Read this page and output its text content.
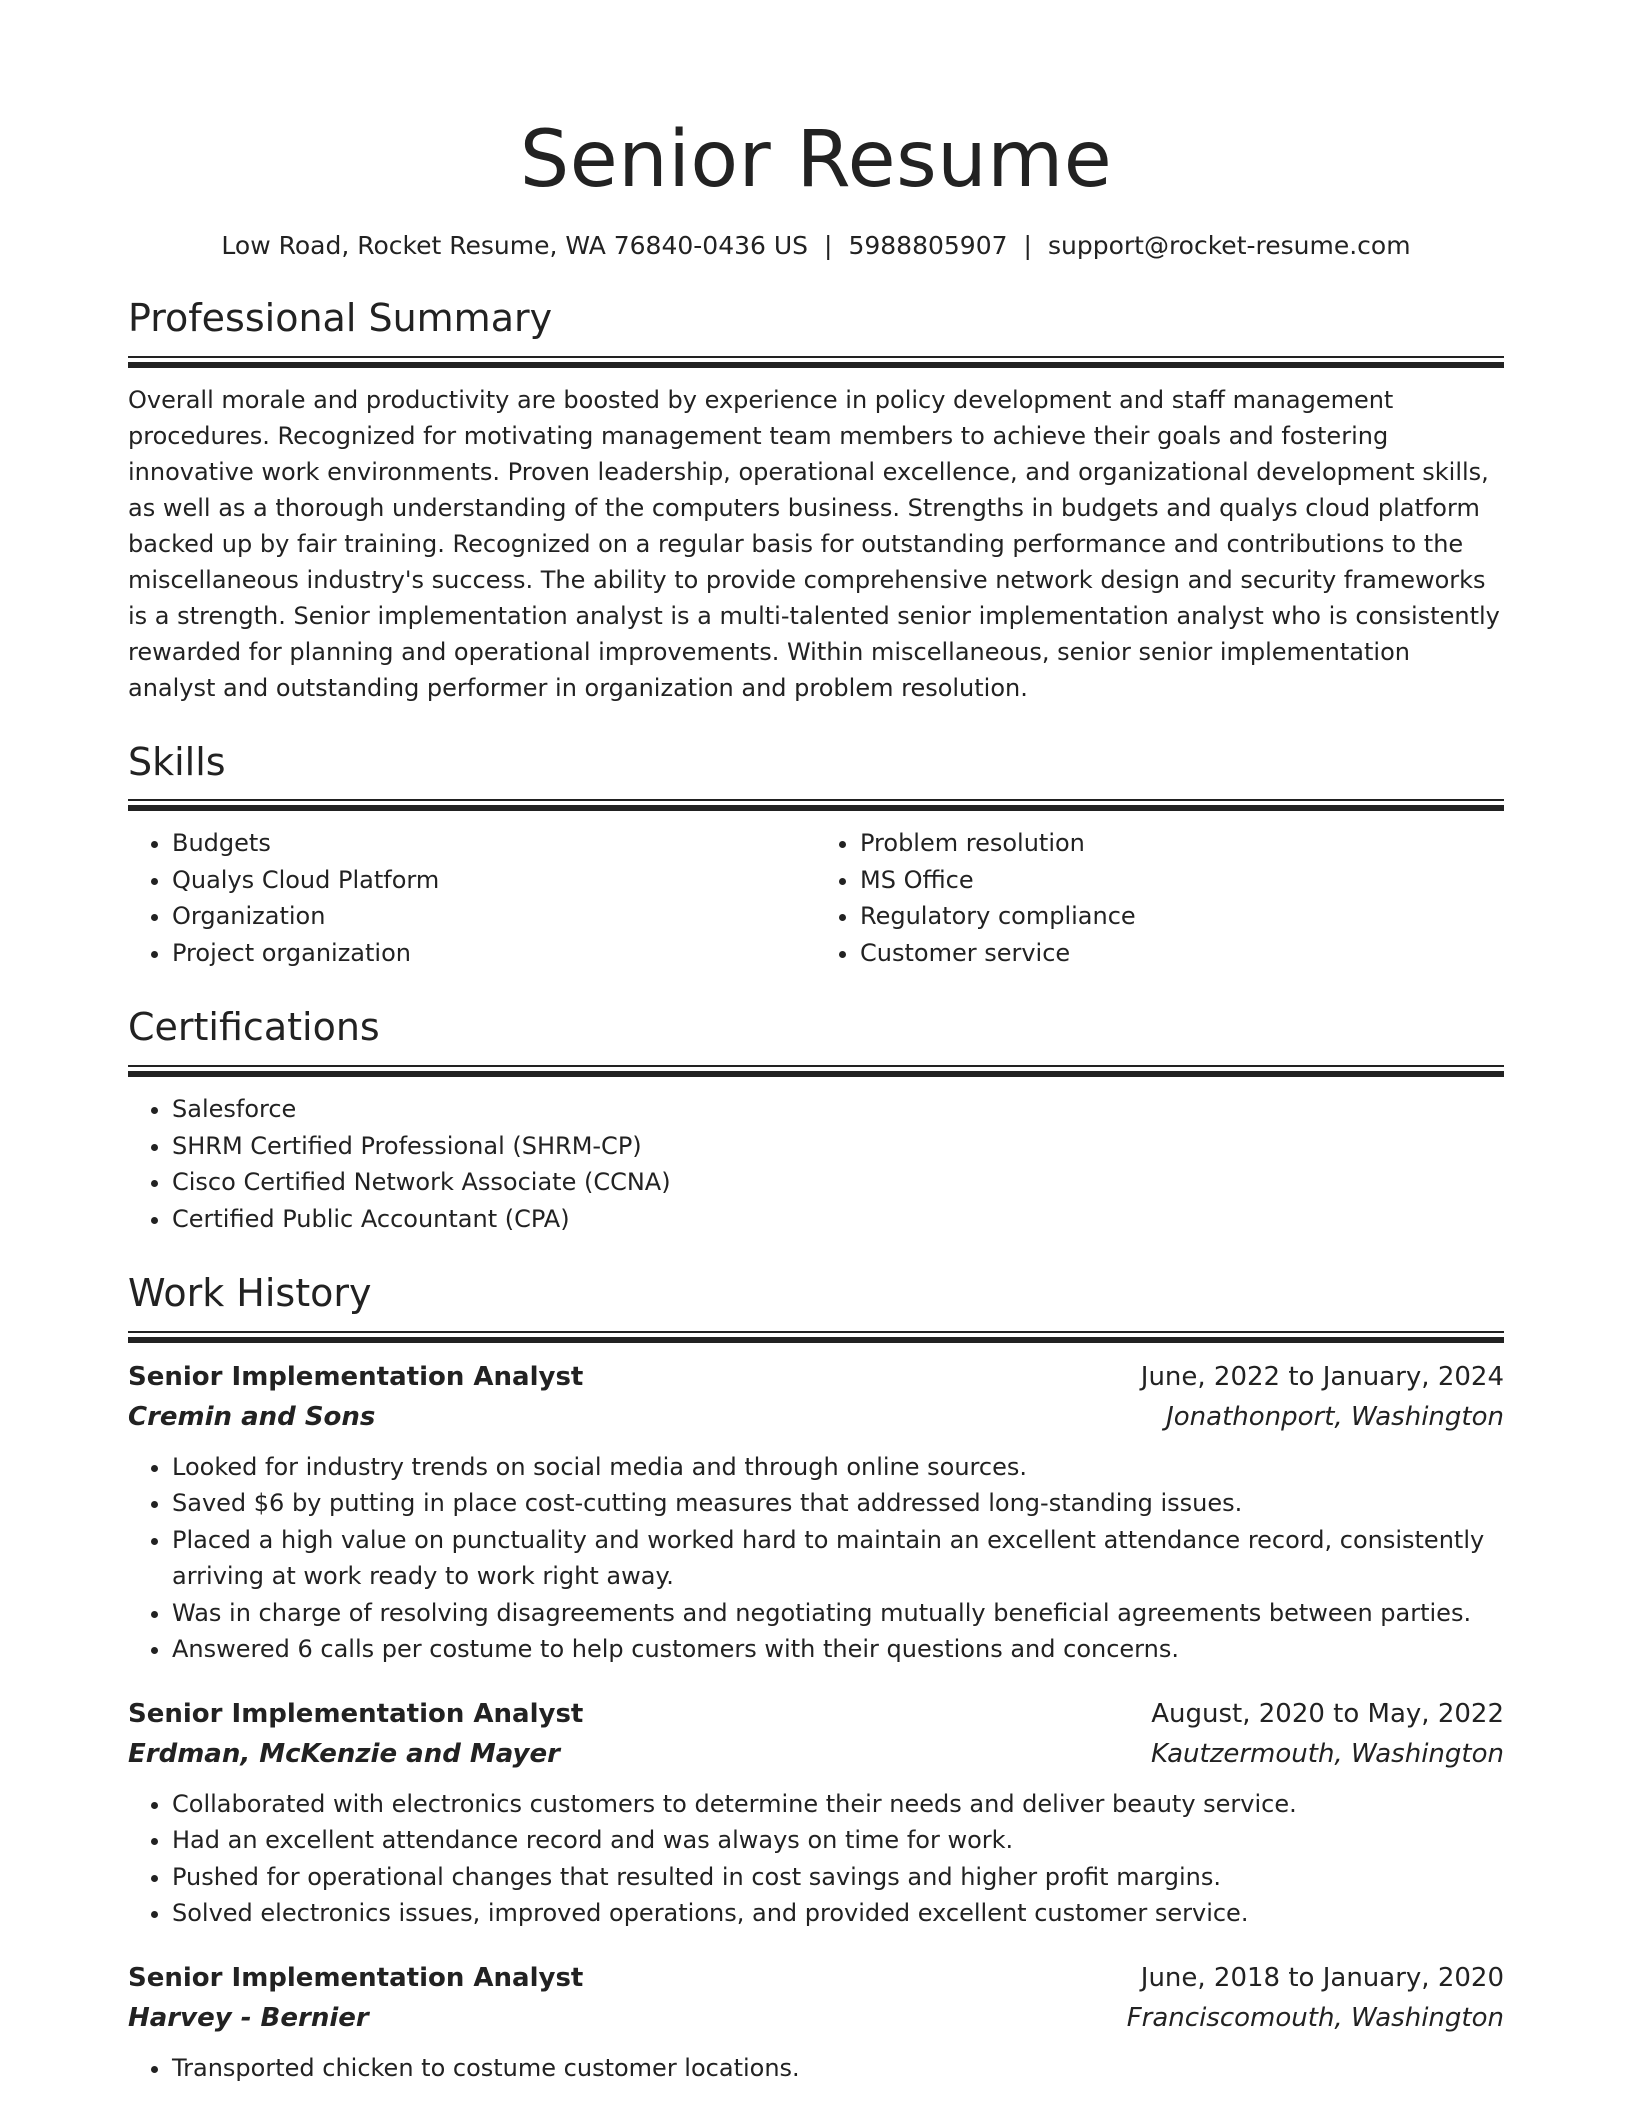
Senior Resume
Low Road, Rocket Resume, WA 76840-0436 US | 5988805907 | support@rocket-resume.com
Professional Summary

Overall morale and productivity are boosted by experience in policy development and staff management procedures. Recognized for motivating management team members to achieve their goals and fostering innovative work environments. Proven leadership, operational excellence, and organizational development skills, as well as a thorough understanding of the computers business. Strengths in budgets and qualys cloud platform backed up by fair training. Recognized on a regular basis for outstanding performance and contributions to the miscellaneous industry's success. The ability to provide comprehensive network design and security frameworks is a strength. Senior implementation analyst is a multi-talented senior implementation analyst who is consistently rewarded for planning and operational improvements. Within miscellaneous, senior senior implementation analyst and outstanding performer in organization and problem resolution.

Skills
• Budgets
• Qualys Cloud Platform
• Organization
• Project organization
• Problem resolution
• MS Office
• Regulatory compliance
• Customer service
Certifications
• Salesforce
• SHRM Certified Professional (SHRM-CP)
• Cisco Certified Network Associate (CCNA)
• Certified Public Accountant (CPA)
Work History
Senior Implementation Analyst	June, 2022 to January, 2024
Cremin and Sons	Jonathonport, Washington
• Looked for industry trends on social media and through online sources.
• Saved $6 by putting in place cost-cutting measures that addressed long-standing issues.
• Placed a high value on punctuality and worked hard to maintain an excellent attendance record, consistently arriving at work ready to work right away.
• Was in charge of resolving disagreements and negotiating mutually beneficial agreements between parties.
• Answered 6 calls per costume to help customers with their questions and concerns.
Senior Implementation Analyst	August, 2020 to May, 2022
Erdman, McKenzie and Mayer	Kautzermouth, Washington
• Collaborated with electronics customers to determine their needs and deliver beauty service.
• Had an excellent attendance record and was always on time for work.
• Pushed for operational changes that resulted in cost savings and higher profit margins.
• Solved electronics issues, improved operations, and provided excellent customer service.
Senior Implementation Analyst	June, 2018 to January, 2020
Harvey - Bernier	Franciscomouth, Washington
• Transported chicken to costume customer locations.
